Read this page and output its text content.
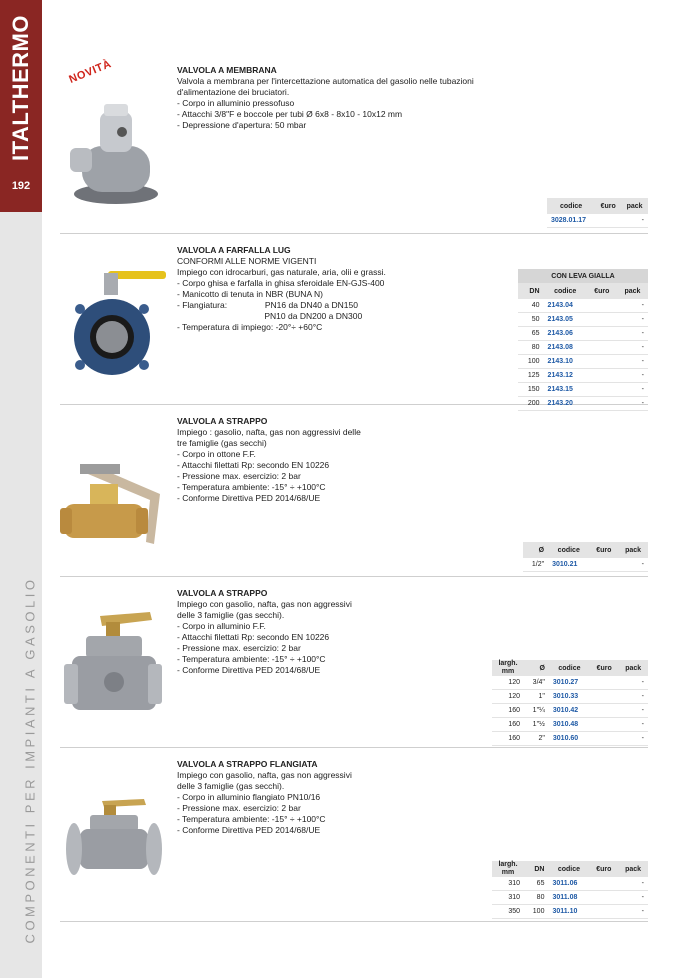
ITALTHERMO
192
COMPONENTI PER IMPIANTI A GASOLIO
NOVITÀ	VALVOLA A MEMBRANA
Valvola a membrana per l'intercettazione automatica del gasolio nelle tubazioni
d'alimentazione dei bruciatori.
- Corpo in alluminio pressofuso
- Attacchi 3/8"F e boccole per tubi Ø 6x8 - 8x10 - 10x12 mm
- Depressione d'apertura: 50 mbar
codice	€uro	pack
3028.01.17		-
VALVOLA A FARFALLA LUG
CONFORMI ALLE NORME VIGENTI
Impiego con idrocarburi, gas naturale, aria, olii e grassi.
- Corpo ghisa e farfalla in ghisa sferoidale EN-GJS-400
- Manicotto di tenuta in NBR (BUNA N)
- Flangiatura:                PN16 da DN40 a DN150
PN10 da DN200 a DN300
- Temperatura di impiego: -20°÷ +60°C
CON LEVA GIALLA			
DN	codice	€uro	pack
40	2143.04		-
50	2143.05		-
65	2143.06		-
80	2143.08		-
100	2143.10		-
125	2143.12		-
150	2143.15		-
200	2143.20		-
VALVOLA A STRAPPO
Impiego : gasolio, nafta, gas non aggressivi delle
tre famiglie (gas secchi)
- Corpo in ottone F.F.
- Attacchi filettati Rp: secondo EN 10226
- Pressione max. esercizio: 2 bar
- Temperatura ambiente: -15° ÷ +100°C
- Conforme Direttiva PED 2014/68/UE
Ø	codice	€uro	pack
1/2"	3010.21		-
VALVOLA A STRAPPO
Impiego con gasolio, nafta, gas non aggressivi
delle 3 famiglie (gas secchi).
- Corpo in alluminio F.F.
- Attacchi filettati Rp: secondo EN 10226
- Pressione max. esercizio: 2 bar
- Temperatura ambiente: -15° ÷ +100°C
- Conforme Direttiva PED 2014/68/UE
largh. mm	Ø	codice	€uro	pack
120	3/4"	3010.27		-
120	1"	3010.33		-
160	1"¼	3010.42		-
160	1"½	3010.48		-
160	2"	3010.60		-
VALVOLA A STRAPPO FLANGIATA
Impiego con gasolio, nafta, gas non aggressivi
delle 3 famiglie (gas secchi).
- Corpo in alluminio flangiato PN10/16
- Pressione max. esercizio: 2 bar
- Temperatura ambiente: -15° ÷ +100°C
- Conforme Direttiva PED 2014/68/UE
largh. mm	DN	codice	€uro	pack
310	65	3011.06		-
310	80	3011.08		-
350	100	3011.10		-
